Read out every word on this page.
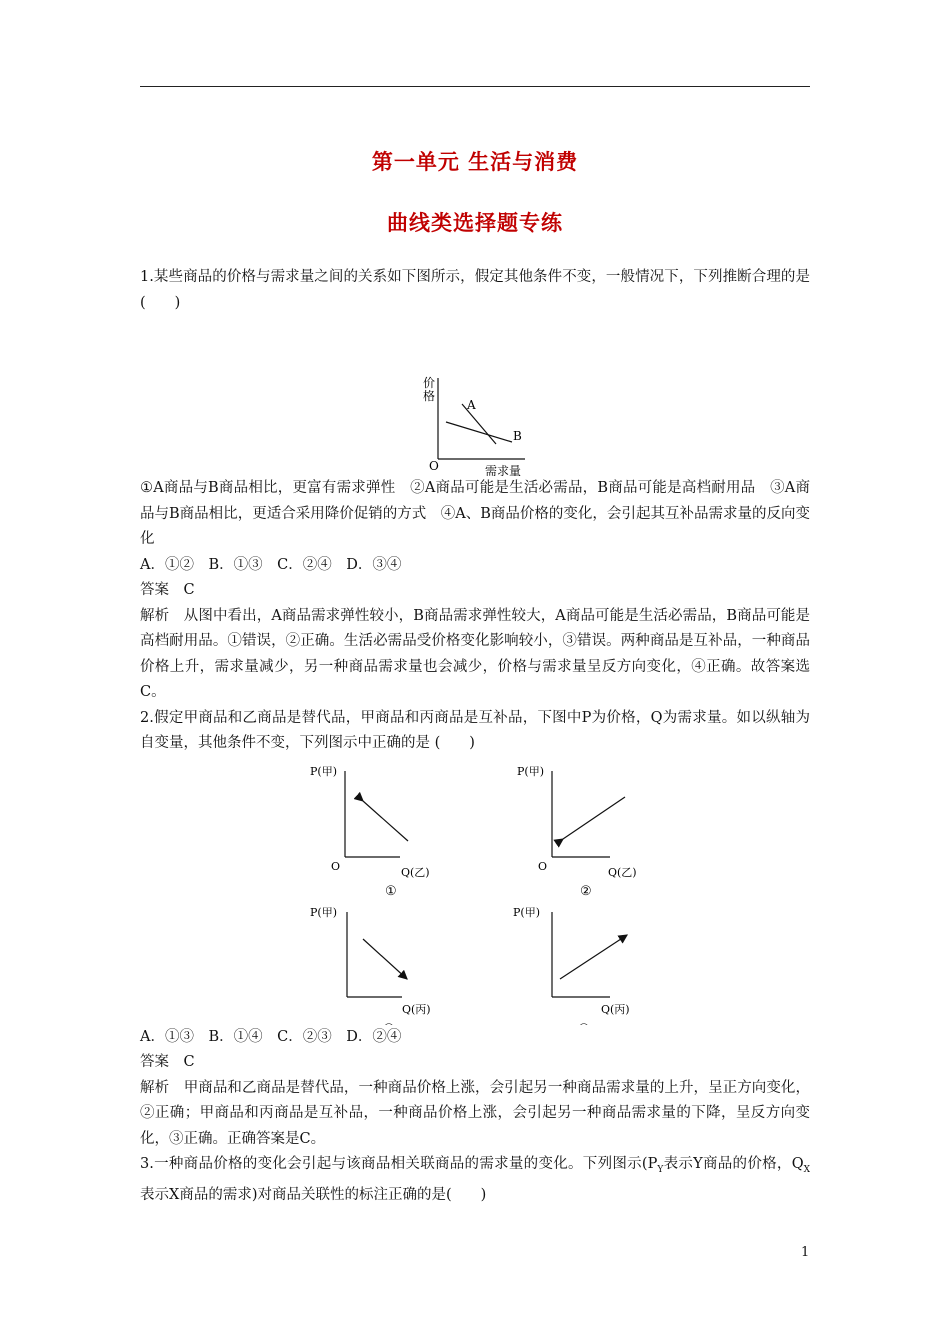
第一单元 生活与消费
曲线类选择题专练

1.某些商品的价格与需求量之间的关系如下图所示，假定其他条件不变，一般情况下，下列推断合理的是(　　)

价
格
O	需求量
A
B

①A商品与B商品相比，更富有需求弹性　②A商品可能是生活必需品，B商品可能是高档耐用品　③A商品与B商品相比，更适合采用降价促销的方式　④A、B商品价格的变化，会引起其互补品需求量的反向变化

A．①②　B．①③　C．②④　D．③④

答案　C

解析　从图中看出，A商品需求弹性较小，B商品需求弹性较大，A商品可能是生活必需品，B商品可能是高档耐用品。①错误，②正确。生活必需品受价格变化影响较小，③错误。两种商品是互补品，一种商品价格上升，需求量减少，另一种商品需求量也会减少，价格与需求量呈反方向变化，④正确。故答案选C。

2.假定甲商品和乙商品是替代品，甲商品和丙商品是互补品，下图中P为价格，Q为需求量。如以纵轴为自变量，其他条件不变，下列图示中正确的是 (　　)

P(甲)
O	Q(乙)
①
P(甲)
O	Q(乙)
②
P(甲)
Q(丙)
P(甲)
Q(丙)

A．①③　B．①④　C．②③　D．②④

答案　C

解析　甲商品和乙商品是替代品，一种商品价格上涨，会引起另一种商品需求量的上升，呈正方向变化，②正确；甲商品和丙商品是互补品，一种商品价格上涨，会引起另一种商品需求量的下降，呈反方向变化，③正确。正确答案是C。

3.一种商品价格的变化会引起与该商品相关联商品的需求量的变化。下列图示($P_Y$表示Y商品的价格，$Q_X$表示X商品的需求)对商品关联性的标注正确的是(　　)

1
